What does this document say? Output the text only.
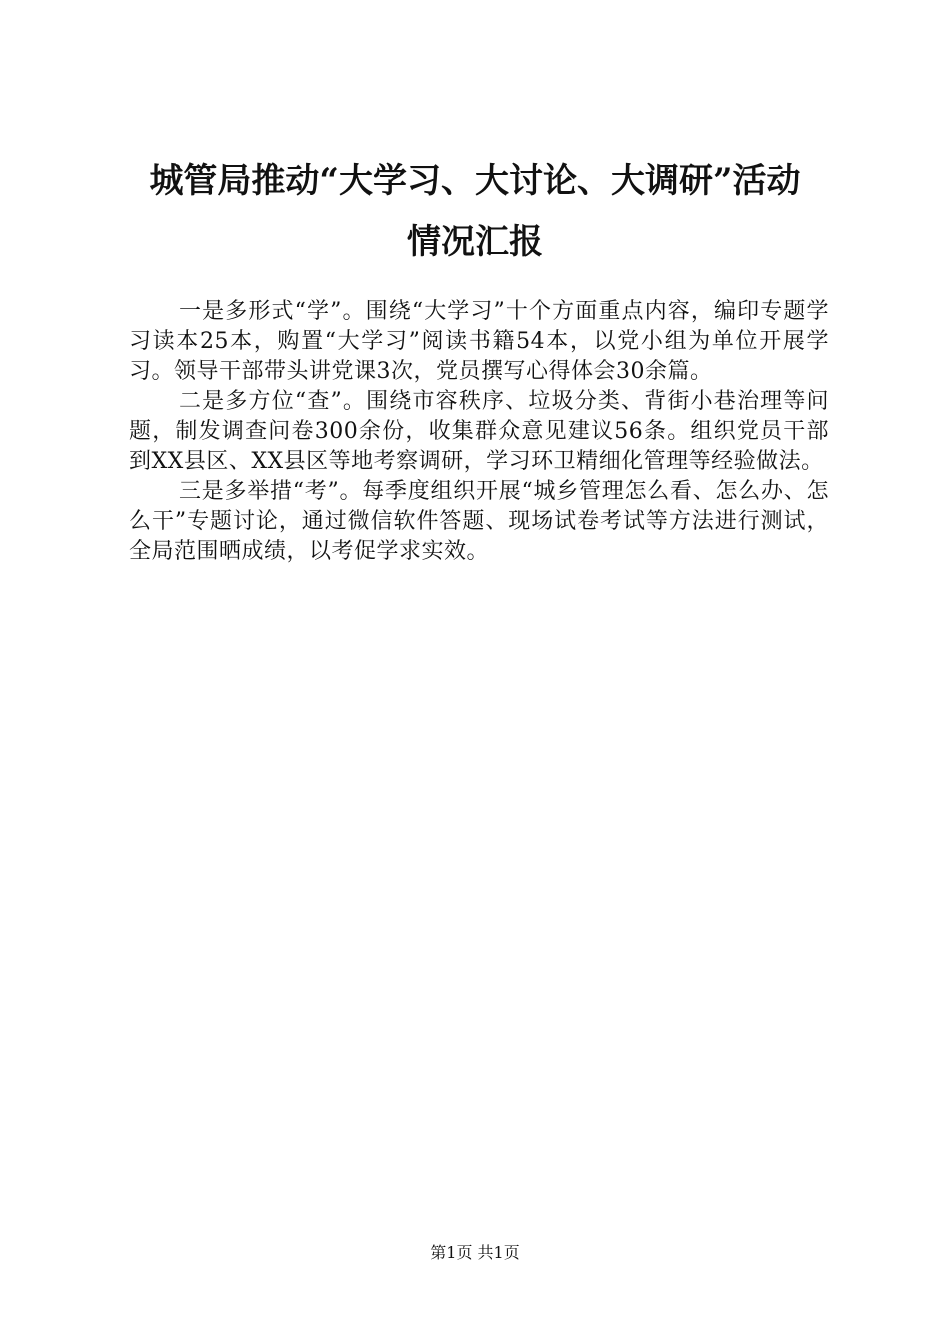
城管局推动“大学习、大讨论、大调研”活动
情况汇报

一是多形式“学”。围绕“大学习”十个方面重点内容，编印专题学习读本25本，购置“大学习”阅读书籍54本，以党小组为单位开展学习。领导干部带头讲党课3次，党员撰写心得体会30余篇。

二是多方位“查”。围绕市容秩序、垃圾分类、背街小巷治理等问题，制发调查问卷300余份，收集群众意见建议56条。组织党员干部到XX县区、XX县区等地考察调研，学习环卫精细化管理等经验做法。

三是多举措“考”。每季度组织开展“城乡管理怎么看、怎么办、怎么干”专题讨论，通过微信软件答题、现场试卷考试等方法进行测试，全局范围晒成绩，以考促学求实效。

第1页 共1页
